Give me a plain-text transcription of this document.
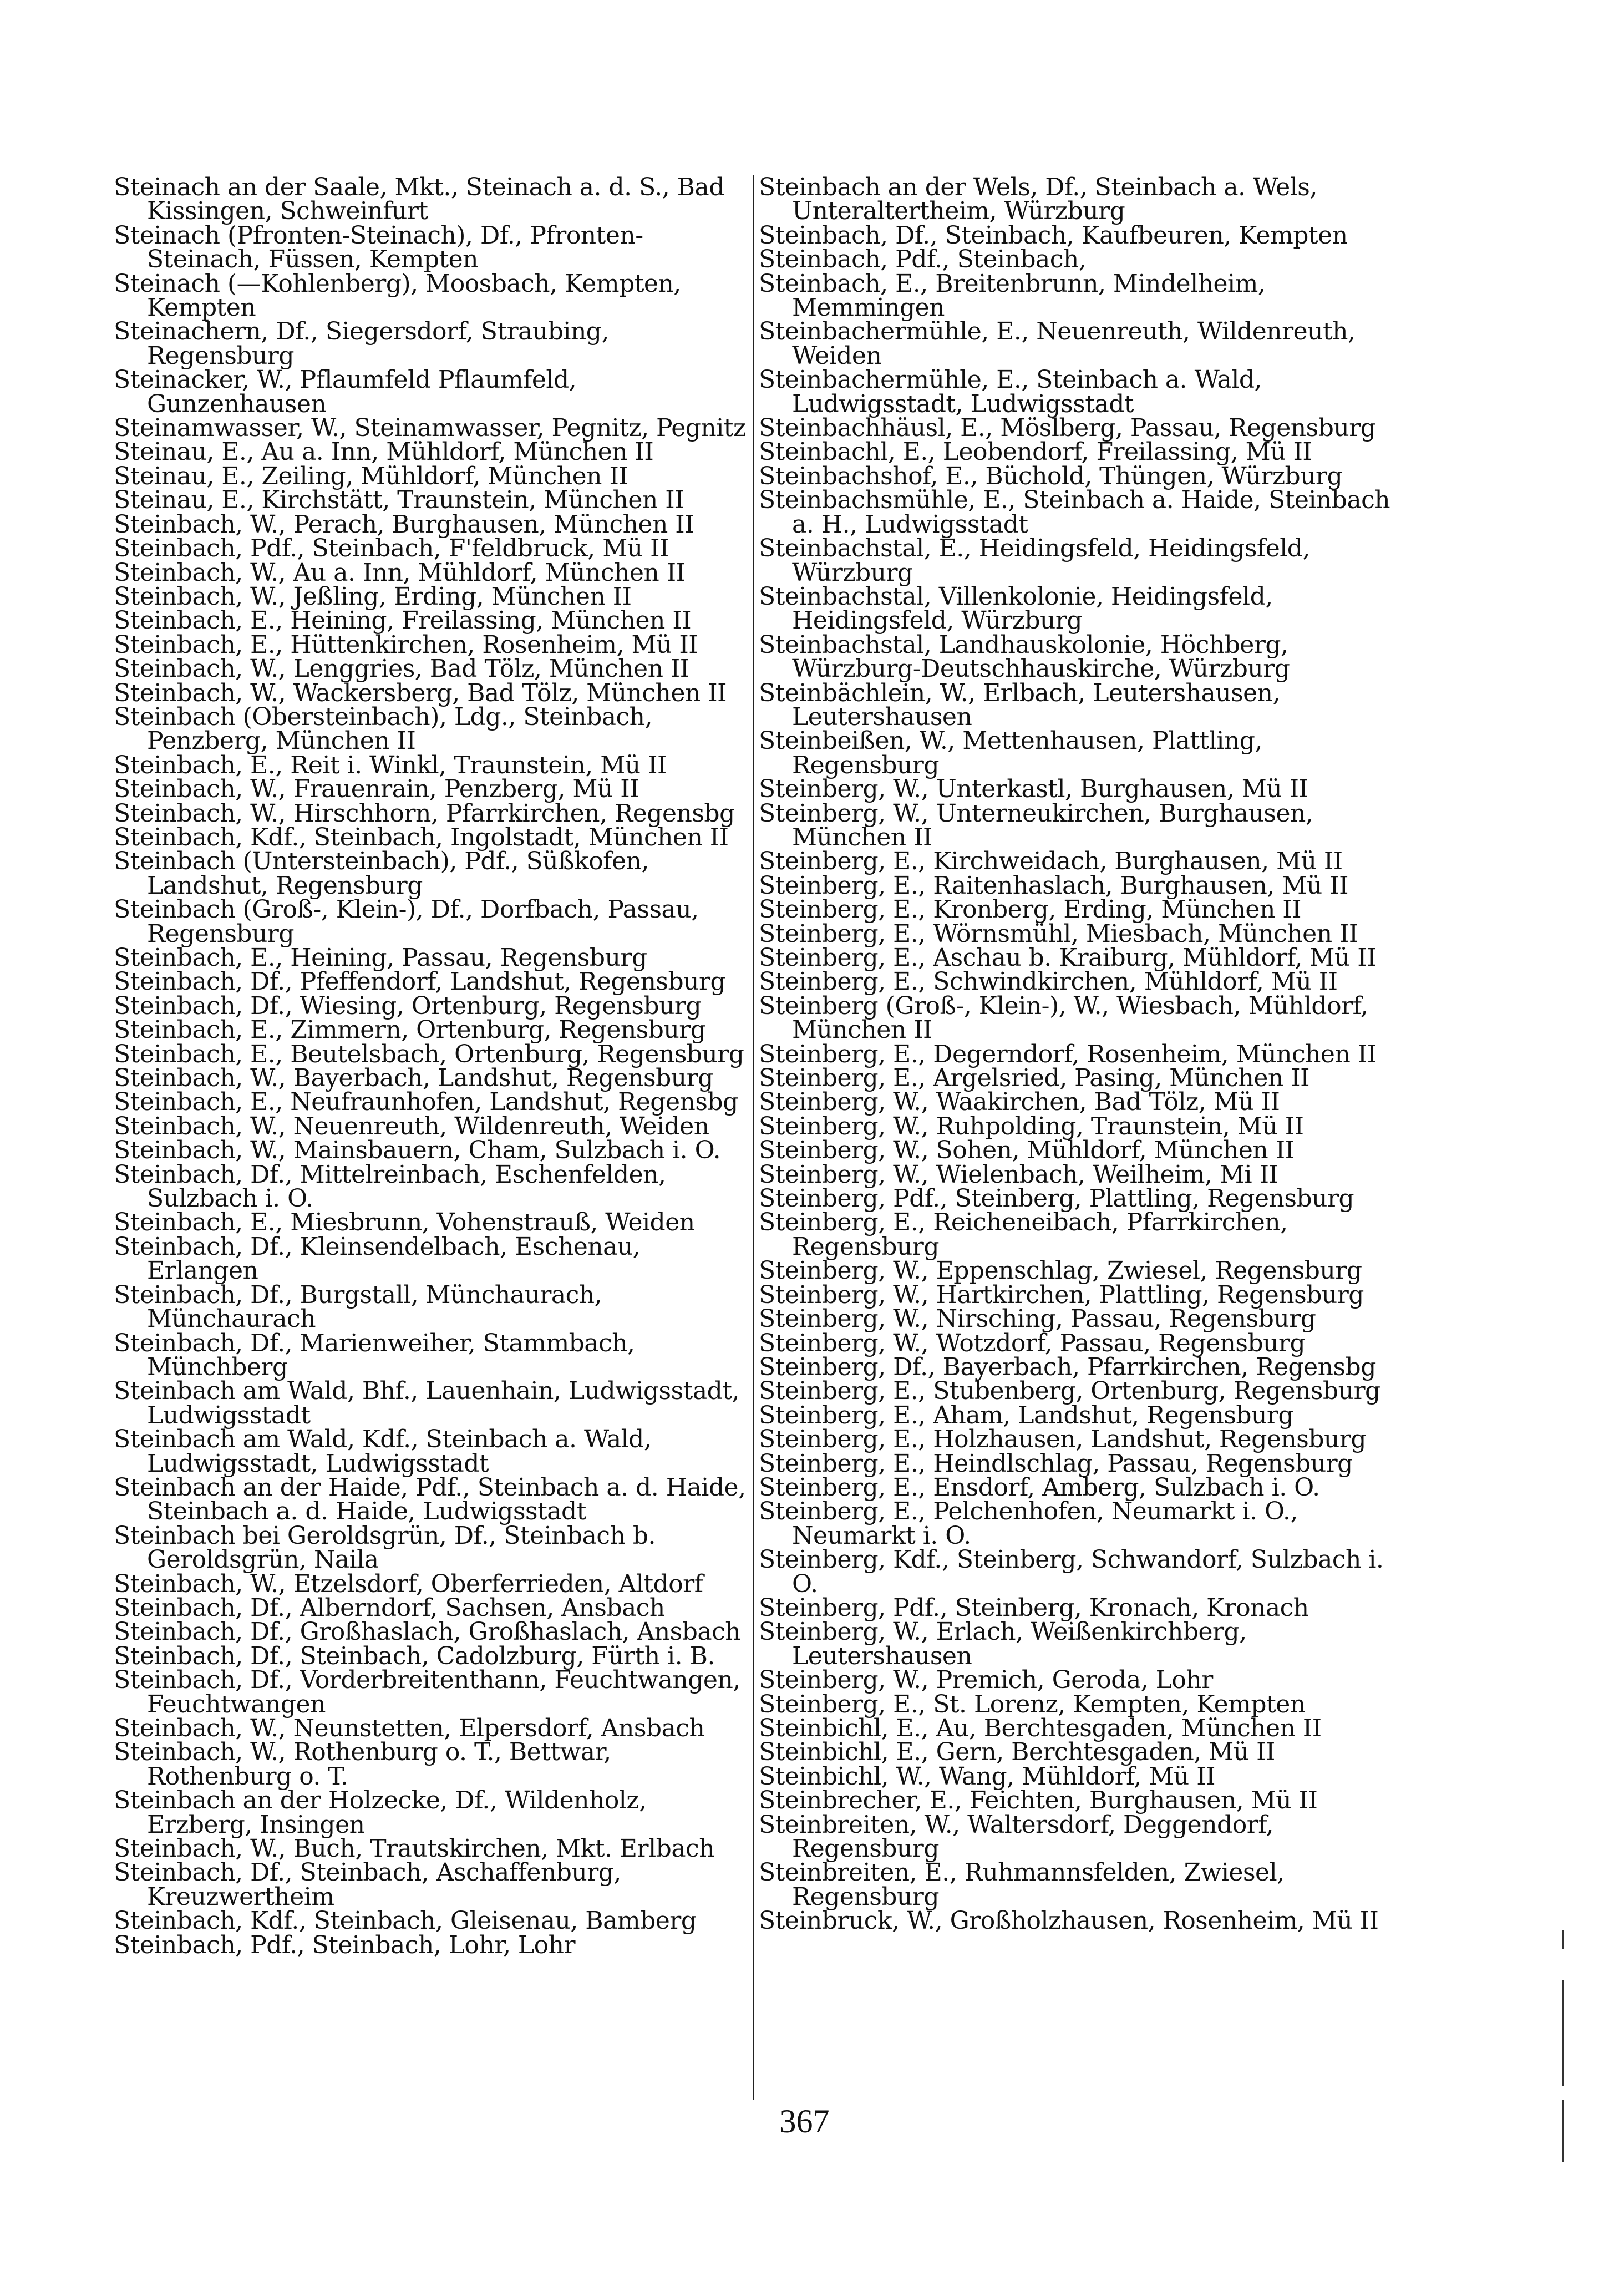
Steinach an der Saale, Mkt., Steinach a. d. S., Bad Kissingen, Schweinfurt

Steinach (Pfronten-Steinach), Df., Pfronten-Steinach, Füssen, Kempten

Steinach (—Kohlenberg), Moosbach, Kempten, Kempten

Steinachern, Df., Siegersdorf, Straubing, Regensburg

Steinacker, W., Pflaumfeld Pflaumfeld, Gunzenhausen

Steinamwasser, W., Steinamwasser, Pegnitz, Pegnitz

Steinau, E., Au a. Inn, Mühldorf, München II

Steinau, E., Zeiling, Mühldorf, München II

Steinau, E., Kirchstätt, Traunstein, München II

Steinbach, W., Perach, Burghausen, München II

Steinbach, Pdf., Steinbach, F'feldbruck, Mü II

Steinbach, W., Au a. Inn, Mühldorf, München II

Steinbach, W., Jeßling, Erding, München II

Steinbach, E., Heining, Freilassing, München II

Steinbach, E., Hüttenkirchen, Rosenheim, Mü II

Steinbach, W., Lenggries, Bad Tölz, München II

Steinbach, W., Wackersberg, Bad Tölz, München II

Steinbach (Obersteinbach), Ldg., Steinbach, Penzberg, München II

Steinbach, E., Reit i. Winkl, Traunstein, Mü II

Steinbach, W., Frauenrain, Penzberg, Mü II

Steinbach, W., Hirschhorn, Pfarrkirchen, Regensbg

Steinbach, Kdf., Steinbach, Ingolstadt, München II

Steinbach (Untersteinbach), Pdf., Süßkofen, Landshut, Regensburg

Steinbach (Groß-, Klein-), Df., Dorfbach, Passau, Regensburg

Steinbach, E., Heining, Passau, Regensburg

Steinbach, Df., Pfeffendorf, Landshut, Regensburg

Steinbach, Df., Wiesing, Ortenburg, Regensburg

Steinbach, E., Zimmern, Ortenburg, Regensburg

Steinbach, E., Beutelsbach, Ortenburg, Regensburg

Steinbach, W., Bayerbach, Landshut, Regensburg

Steinbach, E., Neufraunhofen, Landshut, Regensbg

Steinbach, W., Neuenreuth, Wildenreuth, Weiden

Steinbach, W., Mainsbauern, Cham, Sulzbach i. O.

Steinbach, Df., Mittelreinbach, Eschenfelden, Sulzbach i. O.

Steinbach, E., Miesbrunn, Vohenstrauß, Weiden

Steinbach, Df., Kleinsendelbach, Eschenau, Erlangen

Steinbach, Df., Burgstall, Münchaurach, Münchaurach

Steinbach, Df., Marienweiher, Stammbach, Münchberg

Steinbach am Wald, Bhf., Lauenhain, Ludwigsstadt, Ludwigsstadt

Steinbach am Wald, Kdf., Steinbach a. Wald, Ludwigsstadt, Ludwigsstadt

Steinbach an der Haide, Pdf., Steinbach a. d. Haide, Steinbach a. d. Haide, Ludwigsstadt

Steinbach bei Geroldsgrün, Df., Steinbach b. Geroldsgrün, Naila

Steinbach, W., Etzelsdorf, Oberferrieden, Altdorf

Steinbach, Df., Alberndorf, Sachsen, Ansbach

Steinbach, Df., Großhaslach, Großhaslach, Ansbach

Steinbach, Df., Steinbach, Cadolzburg, Fürth i. B.

Steinbach, Df., Vorderbreitenthann, Feuchtwangen, Feuchtwangen

Steinbach, W., Neunstetten, Elpersdorf, Ansbach

Steinbach, W., Rothenburg o. T., Bettwar, Rothenburg o. T.

Steinbach an der Holzecke, Df., Wildenholz, Erzberg, Insingen

Steinbach, W., Buch, Trautskirchen, Mkt. Erlbach

Steinbach, Df., Steinbach, Aschaffenburg, Kreuzwertheim

Steinbach, Kdf., Steinbach, Gleisenau, Bamberg

Steinbach, Pdf., Steinbach, Lohr, Lohr

Steinbach an der Wels, Df., Steinbach a. Wels, Unteraltertheim, Würzburg

Steinbach, Df., Steinbach, Kaufbeuren, Kempten

Steinbach, Pdf., Steinbach,

Steinbach, E., Breitenbrunn, Mindelheim, Memmingen

Steinbachermühle, E., Neuenreuth, Wildenreuth, Weiden

Steinbachermühle, E., Steinbach a. Wald, Ludwigsstadt, Ludwigsstadt

Steinbachhäusl, E., Möslberg, Passau, Regensburg

Steinbachl, E., Leobendorf, Freilassing, Mü II

Steinbachshof, E., Büchold, Thüngen, Würzburg

Steinbachsmühle, E., Steinbach a. Haide, Steinbach a. H., Ludwigsstadt

Steinbachstal, E., Heidingsfeld, Heidingsfeld, Würzburg

Steinbachstal, Villenkolonie, Heidingsfeld, Heidingsfeld, Würzburg

Steinbachstal, Landhauskolonie, Höchberg, Würzburg-Deutschhauskirche, Würzburg

Steinbächlein, W., Erlbach, Leutershausen, Leutershausen

Steinbeißen, W., Mettenhausen, Plattling, Regensburg

Steinberg, W., Unterkastl, Burghausen, Mü II

Steinberg, W., Unterneukirchen, Burghausen, München II

Steinberg, E., Kirchweidach, Burghausen, Mü II

Steinberg, E., Raitenhaslach, Burghausen, Mü II

Steinberg, E., Kronberg, Erding, München II

Steinberg, E., Wörnsmühl, Miesbach, München II

Steinberg, E., Aschau b. Kraiburg, Mühldorf, Mü II

Steinberg, E., Schwindkirchen, Mühldorf, Mü II

Steinberg (Groß-, Klein-), W., Wiesbach, Mühldorf, München II

Steinberg, E., Degerndorf, Rosenheim, München II

Steinberg, E., Argelsried, Pasing, München II

Steinberg, W., Waakirchen, Bad Tölz, Mü II

Steinberg, W., Ruhpolding, Traunstein, Mü II

Steinberg, W., Sohen, Mühldorf, München II

Steinberg, W., Wielenbach, Weilheim, Mi II

Steinberg, Pdf., Steinberg, Plattling, Regensburg

Steinberg, E., Reicheneibach, Pfarrkirchen, Regensburg

Steinberg, W., Eppenschlag, Zwiesel, Regensburg

Steinberg, W., Hartkirchen, Plattling, Regensburg

Steinberg, W., Nirsching, Passau, Regensburg

Steinberg, W., Wotzdorf, Passau, Regensburg

Steinberg, Df., Bayerbach, Pfarrkirchen, Regensbg

Steinberg, E., Stubenberg, Ortenburg, Regensburg

Steinberg, E., Aham, Landshut, Regensburg

Steinberg, E., Holzhausen, Landshut, Regensburg

Steinberg, E., Heindlschlag, Passau, Regensburg

Steinberg, E., Ensdorf, Amberg, Sulzbach i. O.

Steinberg, E., Pelchenhofen, Neumarkt i. O., Neumarkt i. O.

Steinberg, Kdf., Steinberg, Schwandorf, Sulzbach i. O.

Steinberg, Pdf., Steinberg, Kronach, Kronach

Steinberg, W., Erlach, Weißenkirchberg, Leutershausen

Steinberg, W., Premich, Geroda, Lohr

Steinberg, E., St. Lorenz, Kempten, Kempten

Steinbichl, E., Au, Berchtesgaden, München II

Steinbichl, E., Gern, Berchtesgaden, Mü II

Steinbichl, W., Wang, Mühldorf, Mü II

Steinbrecher, E., Feichten, Burghausen, Mü II

Steinbreiten, W., Waltersdorf, Deggendorf, Regensburg

Steinbreiten, E., Ruhmannsfelden, Zwiesel, Regensburg

Steinbruck, W., Großholzhausen, Rosenheim, Mü II

367
